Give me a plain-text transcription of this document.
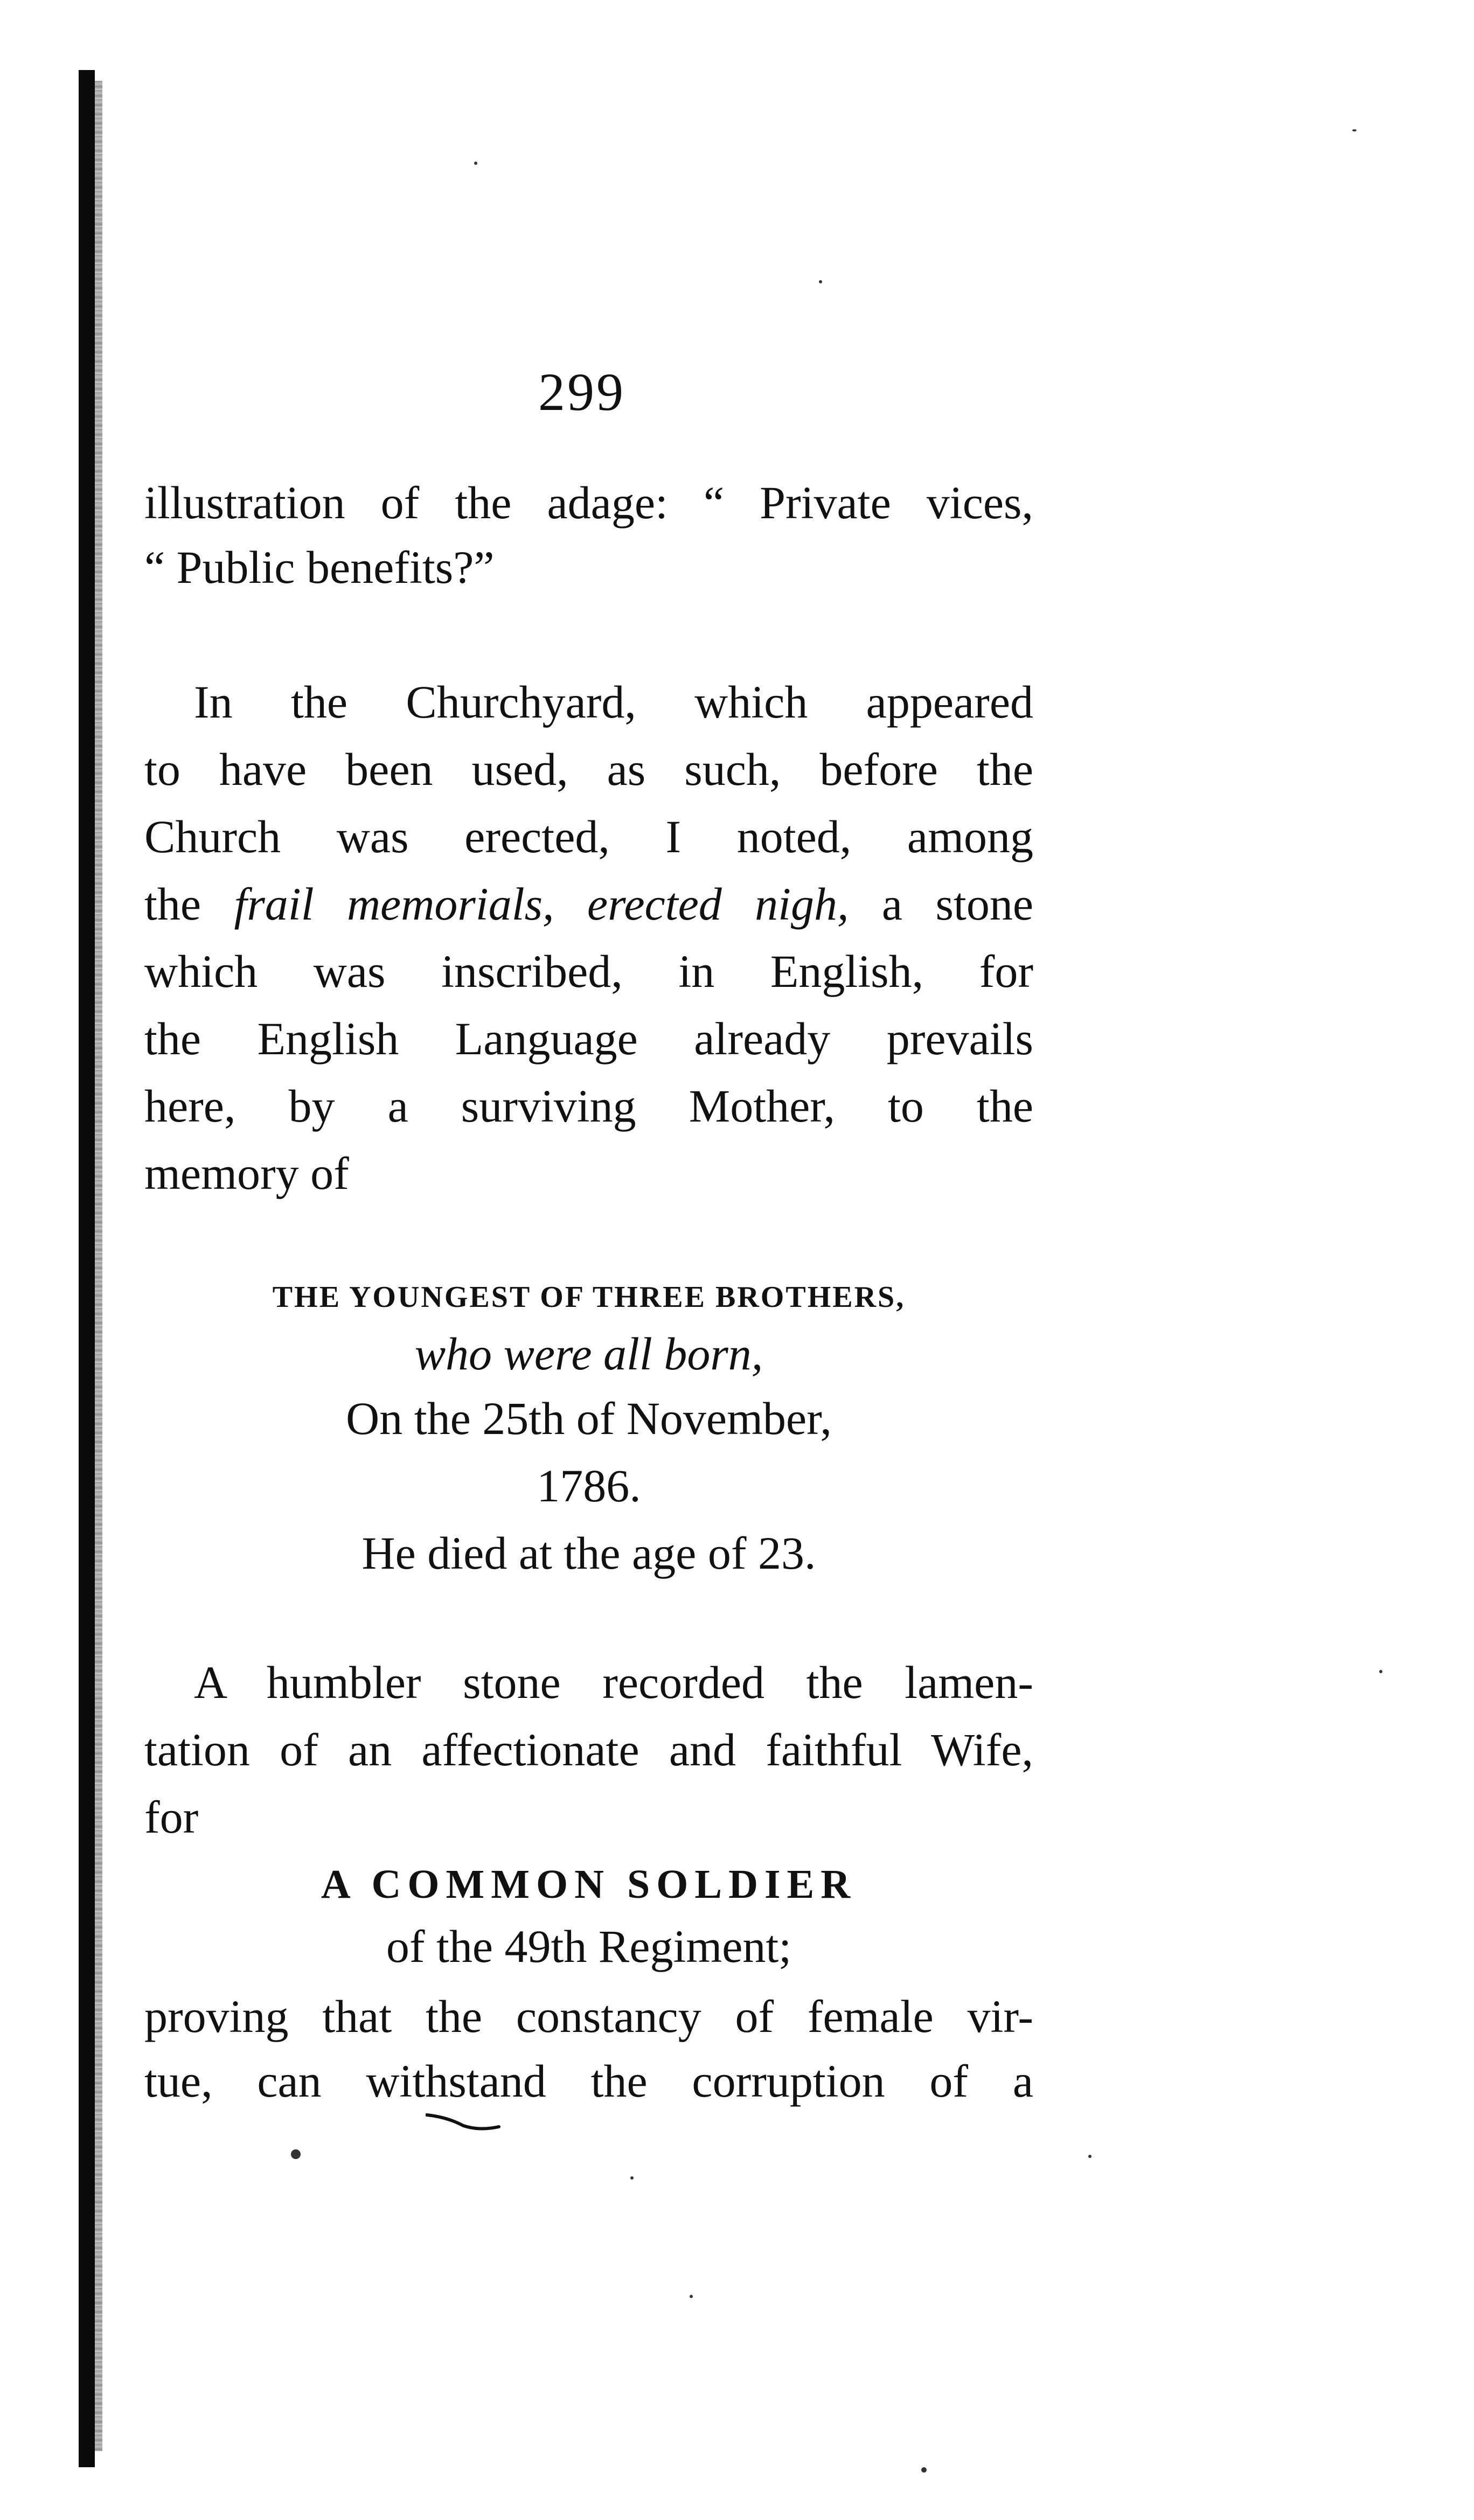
299
illustration of the adage: “ Private vices,
“ Public benefits?”
In the Churchyard, which appeared
to have been used, as such, before the
Church was erected, I noted, among
the frail memorials, erected nigh, a stone
which was inscribed, in English, for
the English Language already prevails
here, by a surviving Mother, to the
memory of
THE YOUNGEST OF THREE BROTHERS,
who were all born,
On the 25th of November,
1786.
He died at the age of 23.
A humbler stone recorded the lamen-
tation of an affectionate and faithful Wife,
for
A COMMON SOLDIER
of the 49th Regiment;
proving that the constancy of female vir-
tue, can withstand the corruption of a
